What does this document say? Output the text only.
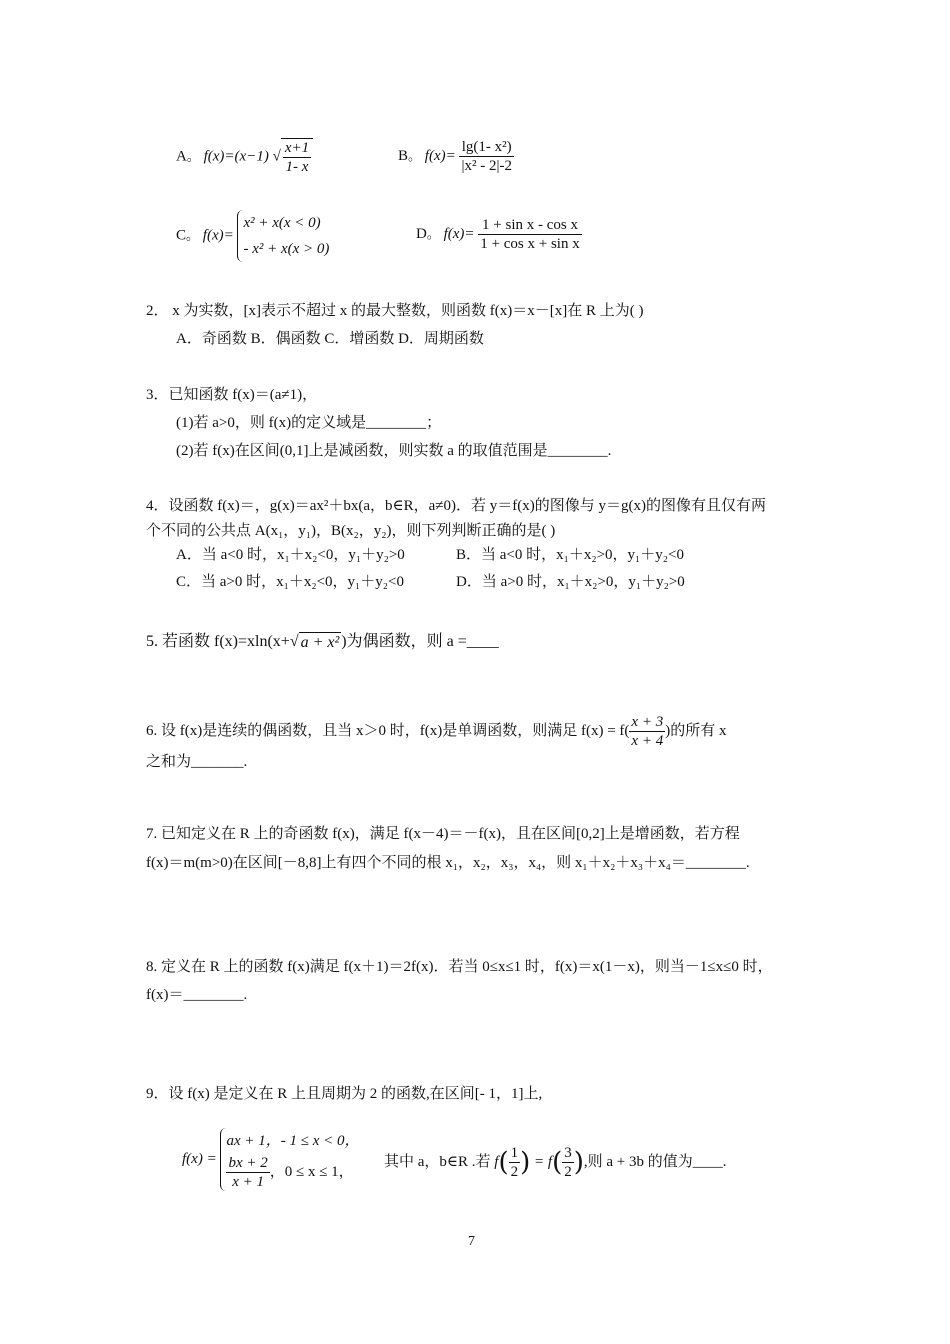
A。 f(x)=(x−1) √ $\frac{x+1}{1- x}$	B。 $f(x)= \frac{\text{lg(1- x²)}}{\text{|x² - 2|-2}}$
C。 f(x)=
x² + x(x < 0)
- x² + x(x > 0)
D。 $f(x)= \frac{\text{1 + sin x - cos x}}{\text{1 + cos x + sin x}}$
2． x 为实数，[x]表示不超过 x 的最大整数，则函数 f(x)＝x－[x]在 R 上为( )
A．奇函数 B．偶函数 C．增函数 D．周期函数
3．已知函数 f(x)＝(a≠1)，
(1)若 a>0，则 f(x)的定义域是________；
(2)若 f(x)在区间(0,1]上是减函数，则实数 a 的取值范围是________.
4．设函数 f(x)＝，g(x)＝ax²＋bx(a，b∈R，a≠0)．若 y＝f(x)的图像与 y＝g(x)的图像有且仅有两
个不同的公共点 A(x₁，y₁)，B(x₂，y₂)，则下列判断正确的是( )
A．当 a<0 时，x₁＋x₂<0，y₁＋y₂>0	B．当 a<0 时，x₁＋x₂>0，y₁＋y₂<0
C．当 a>0 时，x₁＋x₂<0，y₁＋y₂<0	D．当 a>0 时，x₁＋x₂>0，y₁＋y₂>0
5. 若函数 f(x)=xln(x+√ a + x² )为偶函数，则 a =____
6. 设 f(x)是连续的偶函数，且当 x＞0 时，f(x)是单调函数，则满足 $f(x) = f( \frac{x + 3}{x + 4}$ )的所有 x
之和为_______.
7. 已知定义在 R 上的奇函数 f(x)，满足 f(x－4)＝－f(x)，且在区间[0,2]上是增函数，若方程
f(x)＝m(m>0)在区间[－8,8]上有四个不同的根 x₁，x₂，x₃，x₄，则 x₁＋x₂＋x₃＋x₄＝________.
8. 定义在 R 上的函数 f(x)满足 f(x＋1)＝2f(x)．若当 0≤x≤1 时，f(x)＝x(1－x)，则当－1≤x≤0 时，
f(x)＝________.
9．设 f(x) 是定义在 R 上且周期为 2 的函数,在区间[- 1，1]上,
f(x) =
ax + 1，- 1 ≤ x < 0，
$\frac{bx + 2}{x + 1}$ ，0 ≤ x ≤ 1，
其中 a，b∈R .若 $f( \frac{1}{2}$ ) = $f( \frac{3}{2}$ ),则 a + 3b 的值为____.
7
